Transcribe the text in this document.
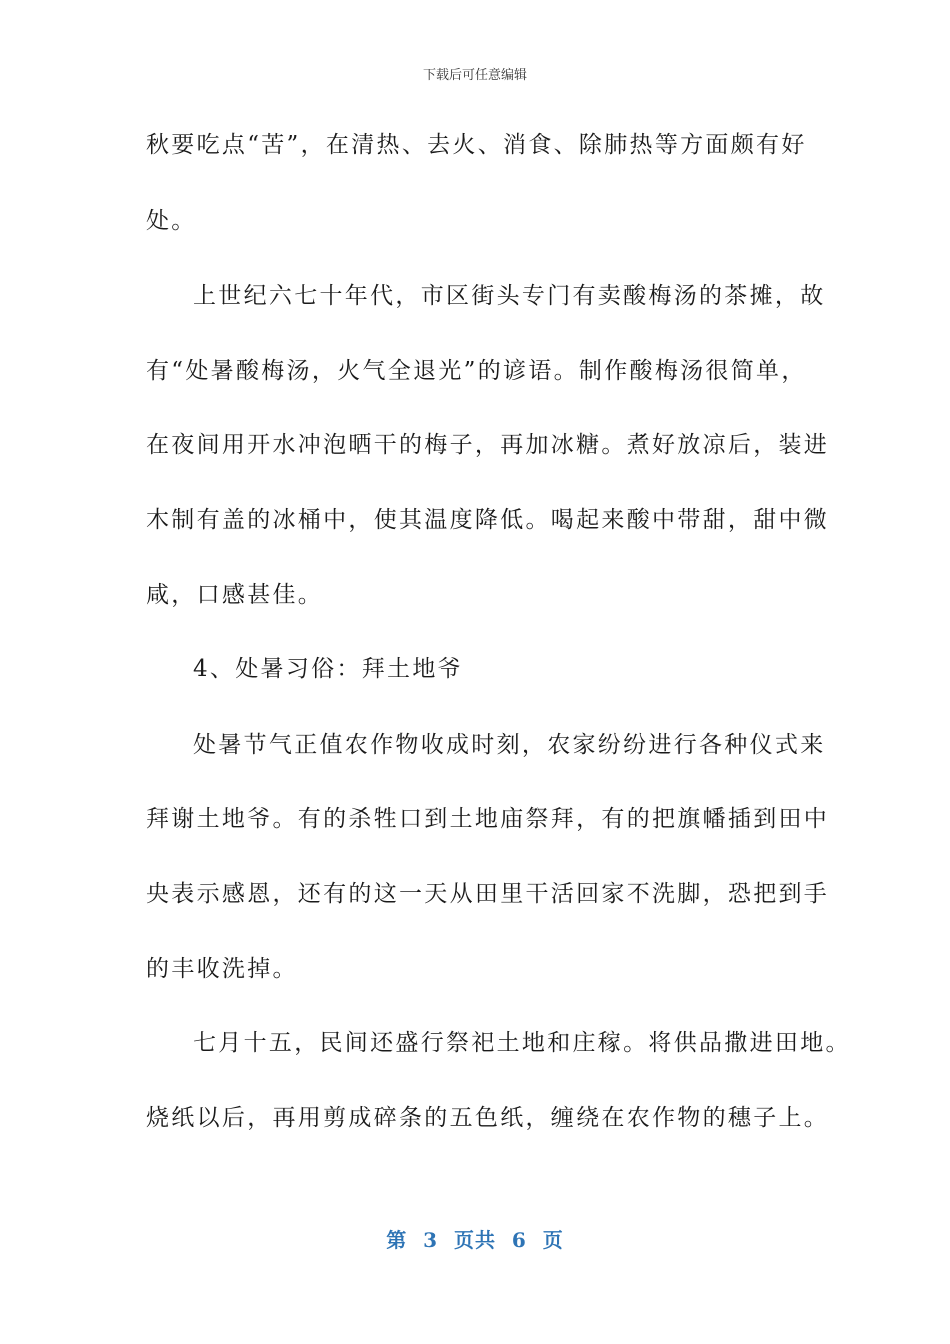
下载后可任意编辑
秋要吃点“苦”，在清热、去火、消食、除肺热等方面颇有好
处。
上世纪六七十年代，市区街头专门有卖酸梅汤的茶摊，故
有“处暑酸梅汤，火气全退光”的谚语。制作酸梅汤很简单，
在夜间用开水冲泡晒干的梅子，再加冰糖。煮好放凉后，装进
木制有盖的冰桶中，使其温度降低。喝起来酸中带甜，甜中微
咸，口感甚佳。
4、处暑习俗：拜土地爷
处暑节气正值农作物收成时刻，农家纷纷进行各种仪式来
拜谢土地爷。有的杀牲口到土地庙祭拜，有的把旗幡插到田中
央表示感恩，还有的这一天从田里干活回家不洗脚，恐把到手
的丰收洗掉。
七月十五，民间还盛行祭祀土地和庄稼。将供品撒进田地。
烧纸以后，再用剪成碎条的五色纸，缠绕在农作物的穗子上。
第  3  页共  6  页
